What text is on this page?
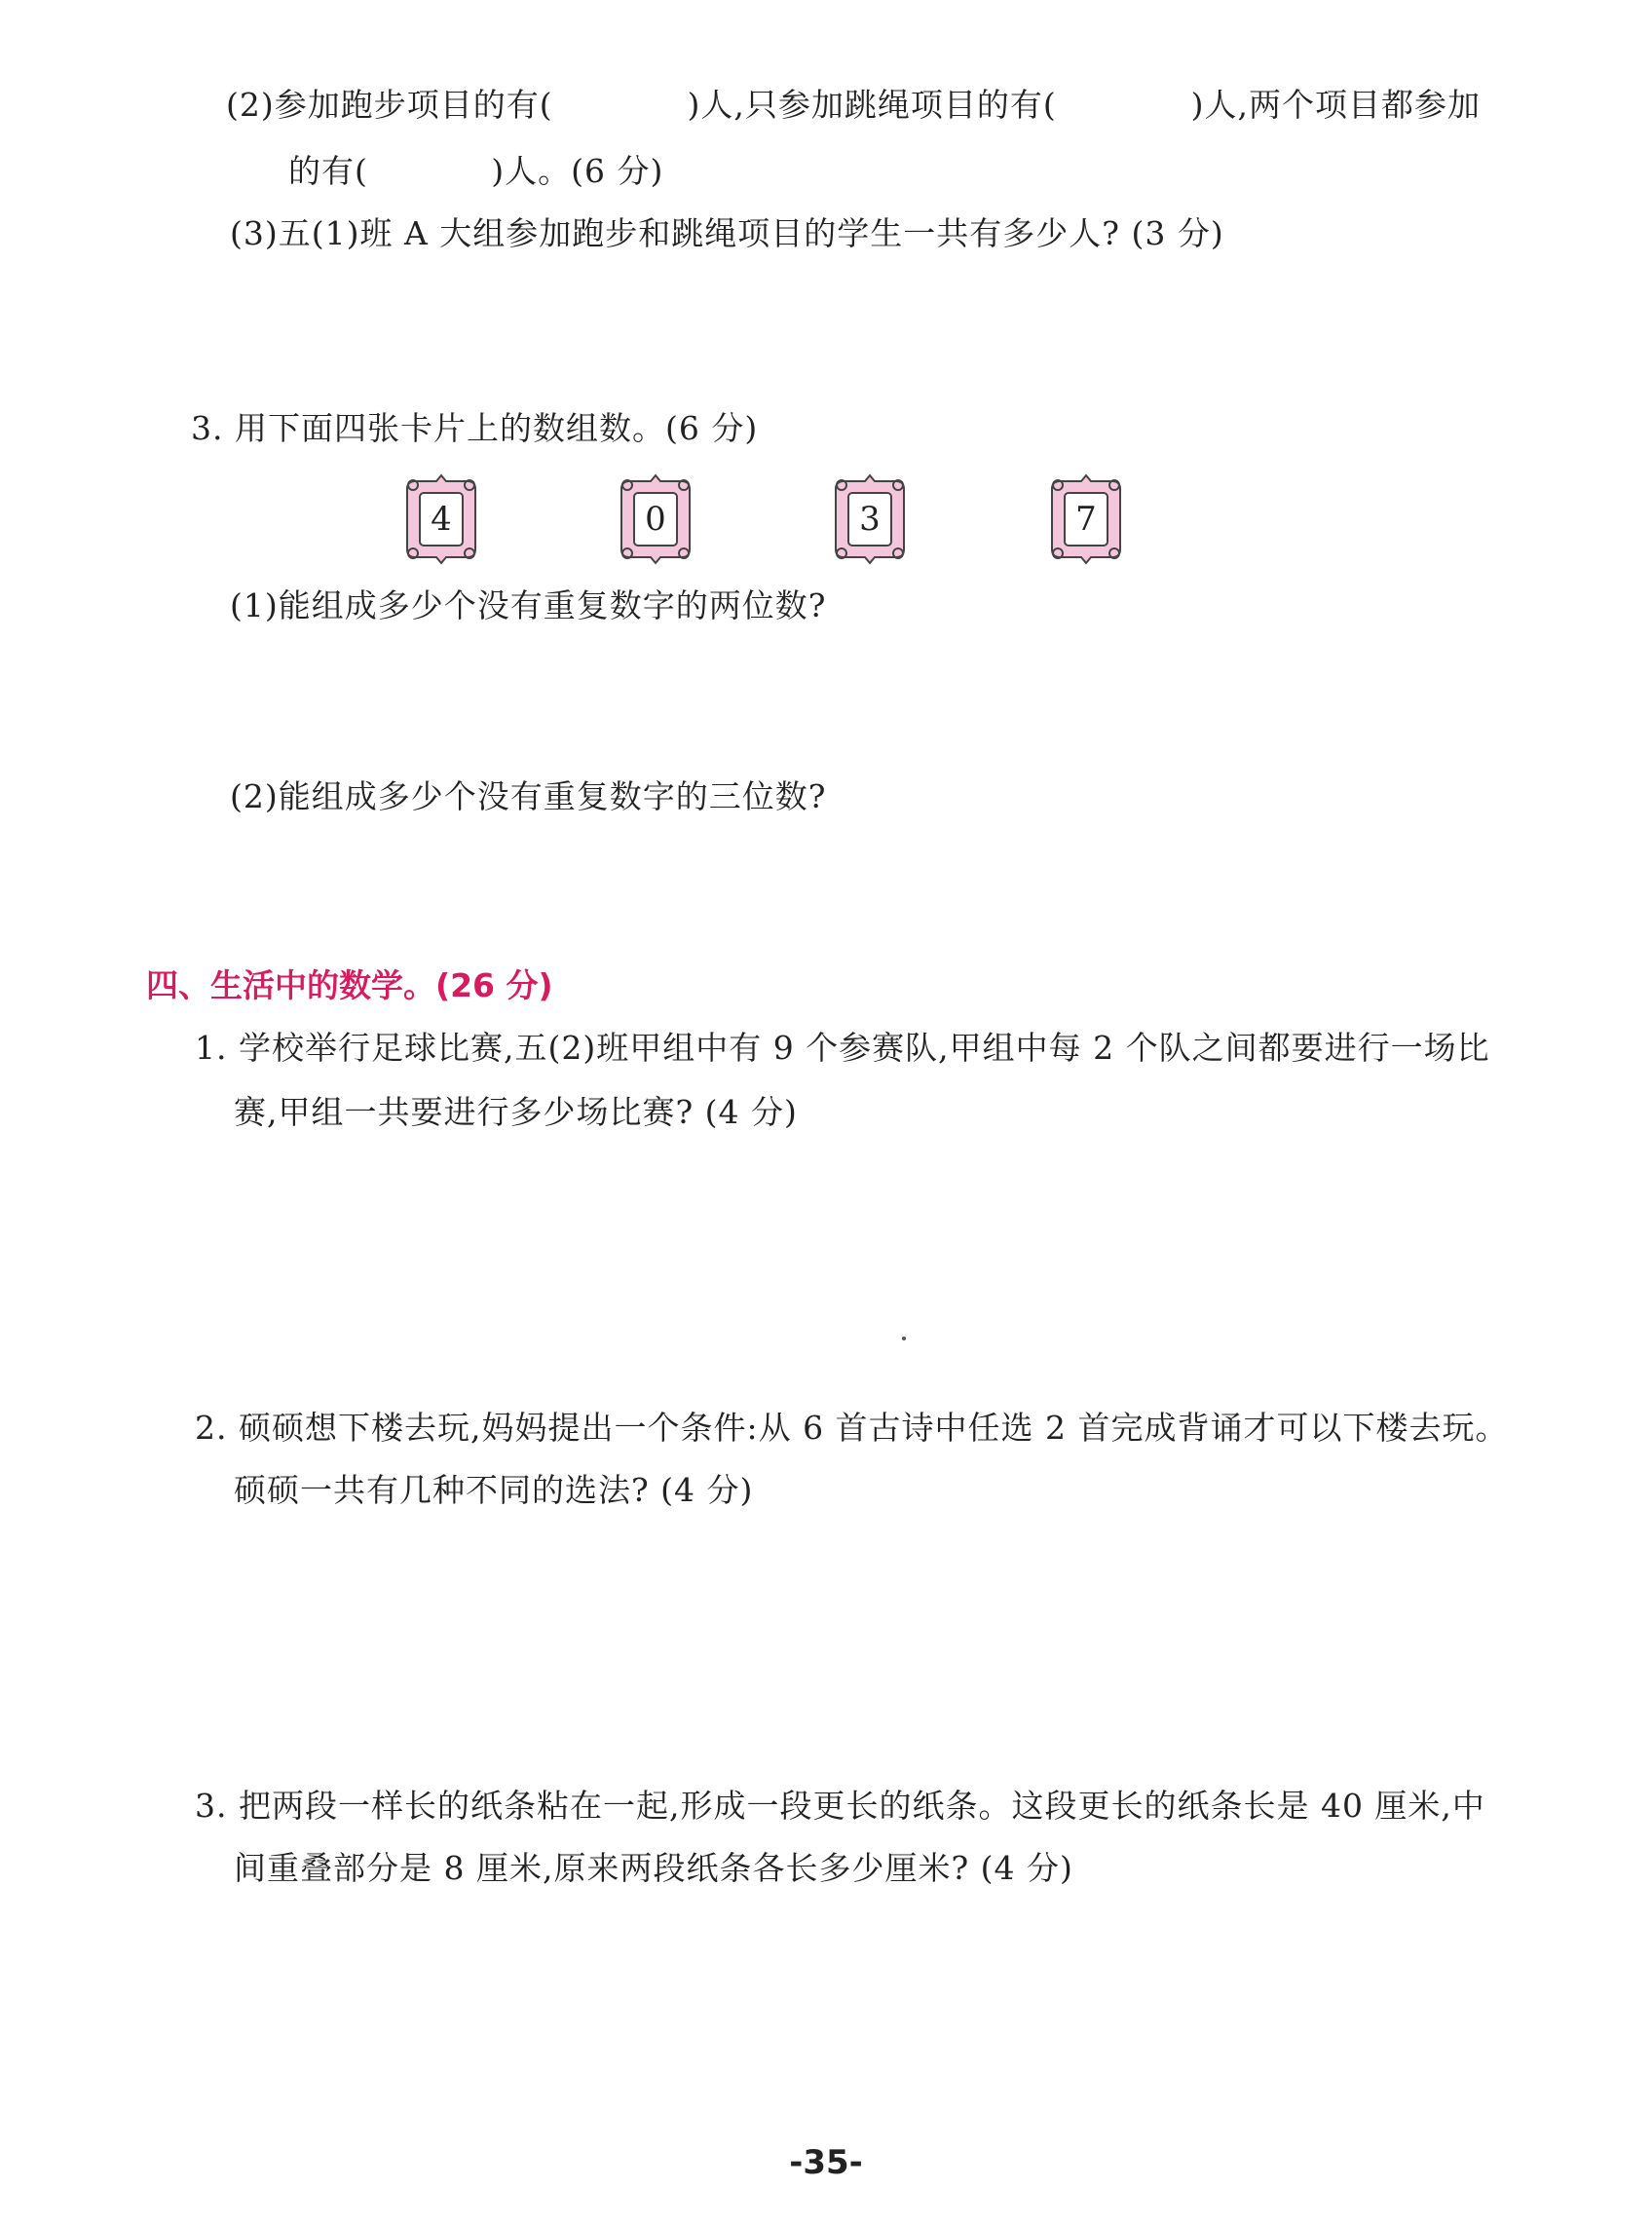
(2)参加跑步项目的有(            )人,只参加跳绳项目的有(            )人,两个项目都参加
的有(           )人。(6 分)
(3)五(1)班 A 大组参加跑步和跳绳项目的学生一共有多少人? (3 分)
3. 用下面四张卡片上的数组数。(6 分)
4	0	3	7
(1)能组成多少个没有重复数字的两位数?
(2)能组成多少个没有重复数字的三位数?
四、生活中的数学。(26 分)
1. 学校举行足球比赛,五(2)班甲组中有 9 个参赛队,甲组中每 2 个队之间都要进行一场比
赛,甲组一共要进行多少场比赛? (4 分)
2. 硕硕想下楼去玩,妈妈提出一个条件:从 6 首古诗中任选 2 首完成背诵才可以下楼去玩。
硕硕一共有几种不同的选法? (4 分)
3. 把两段一样长的纸条粘在一起,形成一段更长的纸条。这段更长的纸条长是 40 厘米,中
间重叠部分是 8 厘米,原来两段纸条各长多少厘米? (4 分)
-35-
